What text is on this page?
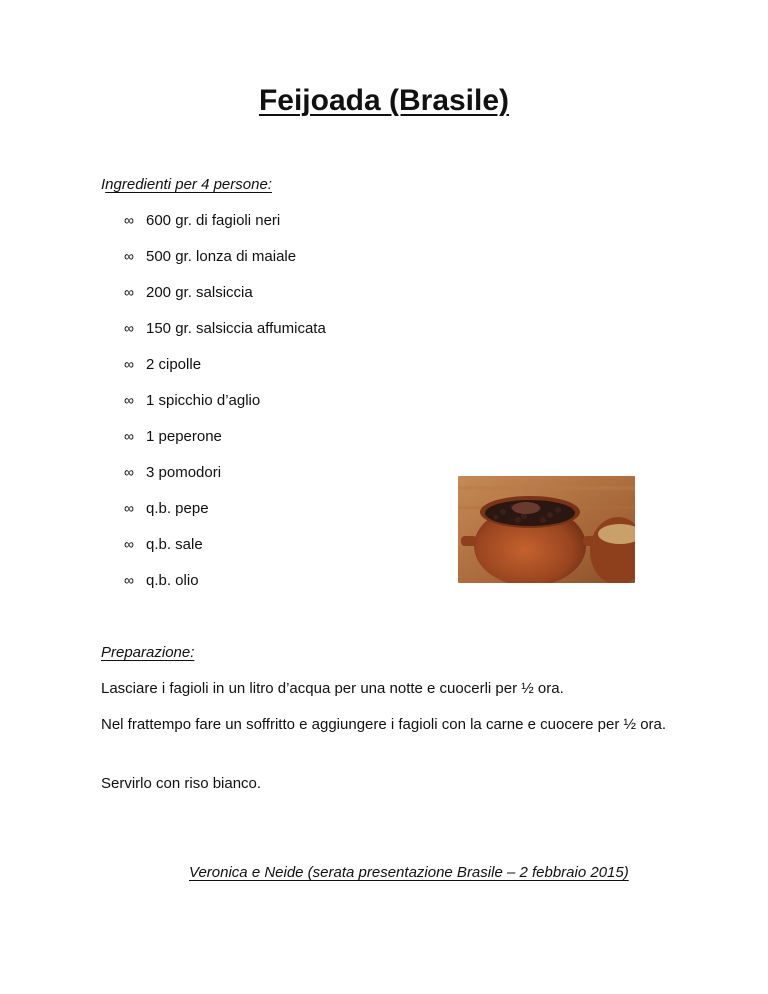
Feijoada (Brasile)
Ingredienti per 4 persone:
∞ 600 gr. di fagioli neri
∞ 500 gr. lonza di maiale
∞ 200 gr. salsiccia
∞ 150 gr. salsiccia affumicata
∞ 2 cipolle
∞ 1 spicchio d’aglio
∞ 1 peperone
∞ 3 pomodori
∞ q.b. pepe
∞ q.b. sale
∞ q.b. olio
Preparazione:
Lasciare i fagioli in un litro d’acqua per una notte e cuocerli per ½ ora.
Nel frattempo fare un soffritto e aggiungere i fagioli con la carne e cuocere per ½ ora.
Servirlo con riso bianco.
Veronica e Neide (serata presentazione Brasile – 2 febbraio 2015)
